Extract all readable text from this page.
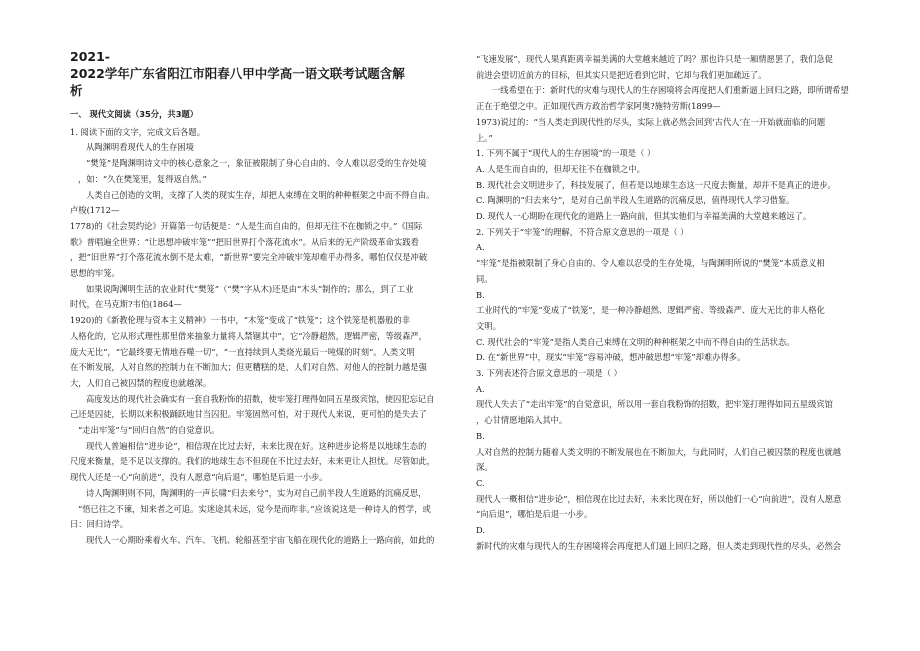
2021-
2022学年广东省阳江市阳春八甲中学高一语文联考试题含解
析
一、 现代文阅读（35分，共3题）

1. 阅读下面的文字，完成文后各题。

从陶渊明看现代人的生存困境

“樊笼”是陶渊明诗文中的核心意象之一，象征被限制了身心自由的、令人难以忍受的生存处境

，如：“久在樊笼里，复得返自然。”

人类自己创造的文明，支撑了人类的现实生存，却把人束缚在文明的种种框架之中而不得自由。

卢梭(1712—

1778)的《社会契约论》开篇第一句话便是：“人是生而自由的，但却无往不在枷锁之中。”《国际

歌》普唱遍全世界：“让思想冲破牢笼”“把旧世界打个落花流水”。从后来的无产阶级革命实践看

，把“旧世界”打个落花流水倒不是太难，“新世界”要完全冲破牢笼却难乎办得多，哪怕仅仅是冲破

思想的牢笼。

如果说陶渊明生活的农业时代“樊笼”（“樊”字从木)还是由“木头”制作的；那么，到了工业

时代，在马克斯?韦伯(1864—

1920)的《新教伦理与资本主义精神》一书中，“木笼”变成了“铁笼”；这个铁笼是机器般的非

人格化的，它从形式理性那里借来抽象力量将人禁锢其中”，它“冷静超然，逻辑严密，等级森严，

庞大无比”，“它最终要无情地吞噬一切”，“一直持续到人类烧光最后一吨煤的时刻”。人类文明

在不断发展，人对自然的控制力在不断加大；但更糟糕的是，人们对自然、对他人的控制力越是强

大，人们自己被囚禁的程度也就越深。

高度发达的现代社会确实有一套自我粉饰的招数，使牢笼打理得如同五星级宾馆，使囚犯忘记自

己还是囚徒，长期以来积极踊跃地甘当囚犯。牢笼固然可怕，对于现代人来说，更可怕的是失去了

“走出牢笼”与“回归自然”的自觉意识。

现代人普遍相信“进步论”，相信现在比过去好，未来比现在好。这种进步论将是以地球生态的

尺度来衡量，是不足以支撑的。我们的地球生态不但现在不比过去好，未来更让人担忧。尽管如此，

现代人还是一心“向前进”，没有人愿意“向后退”，哪怕是后退一小步。

诗人陶渊明则不同，陶渊明的一声长啸“归去来兮”，实为对自己前半段人生道路的沉痛反思，

“悟已往之不谏，知来者之可追。实迷途其未远，觉今是而昨非。”应该说这是一种诗人的哲学，或

曰：回归诗学。

现代人一心期盼乘着火车、汽车、飞机、轮船甚至宇宙飞船在现代化的道路上一路向前，如此的

“飞速发展”，现代人果真距离幸福美满的大堂越来越近了吗？那也许只是一厢情愿罢了，我们急促

前进会望切近前方的目标，但其实只是把近看到它时，它却与我们更加疏远了。

一线希望在于：新时代的灾难与现代人的生存困境将会再度把人们重新逼上回归之路，即所谓希望

正在于绝望之中。正如现代西方政治哲学家阿奥?施特劳斯(1899—

1973)说过的：“当人类走到现代性的尽头，实际上就必然会回到‘古代人’在一开始就面临的问题

上。”

1. 下列不属于“现代人的生存困境”的一项是（ ）

A. 人是生而自由的，但却无往不在枷锁之中。

B. 现代社会文明进步了，科技发展了，但若是以地球生态这一尺度去衡量，却并不是真正的进步。

C. 陶渊明的“归去来兮”，是对自己前半段人生道路的沉痛反思，值得现代人学习借鉴。

D. 现代人一心期盼在现代化的道路上一路向前，但其实他们与幸福美满的大堂越来越远了。

2. 下列关于“牢笼”的理解，不符合原文意思的一项是（ ）

A.

“牢笼”是指被限制了身心自由的、令人难以忍受的生存处境，与陶渊明所说的“樊笼”本质意义相

同。

B.

工业时代的“牢笼”变成了“铁笼”，是一种冷静超然、逻辑严密、等级森严、庞大无比的非人格化

文明。

C. 现代社会的“牢笼”是指人类自己束缚在文明的种种框架之中而不得自由的生活状态。

D. 在“新世界”中，现实“牢笼”容易冲破，想冲破思想“牢笼”却难办得多。

3. 下列表述符合原文意思的一项是（ ）

A.

现代人失去了“走出牢笼”的自觉意识，所以用一套自我粉饰的招数，把牢笼打理得如同五星级宾馆

，心甘情愿地陷入其中。

B.

人对自然的控制力随着人类文明的不断发展也在不断加大，与此同时，人们自己被囚禁的程度也就越

深。

C.

现代人一概相信“进步论”，相信现在比过去好，未来比现在好，所以他们一心“向前进”，没有人愿意

“向后退”，哪怕是后退一小步。

D.

新时代的灾难与现代人的生存困境将会再度把人们逼上回归之路，但人类走到现代性的尽头，必然会
